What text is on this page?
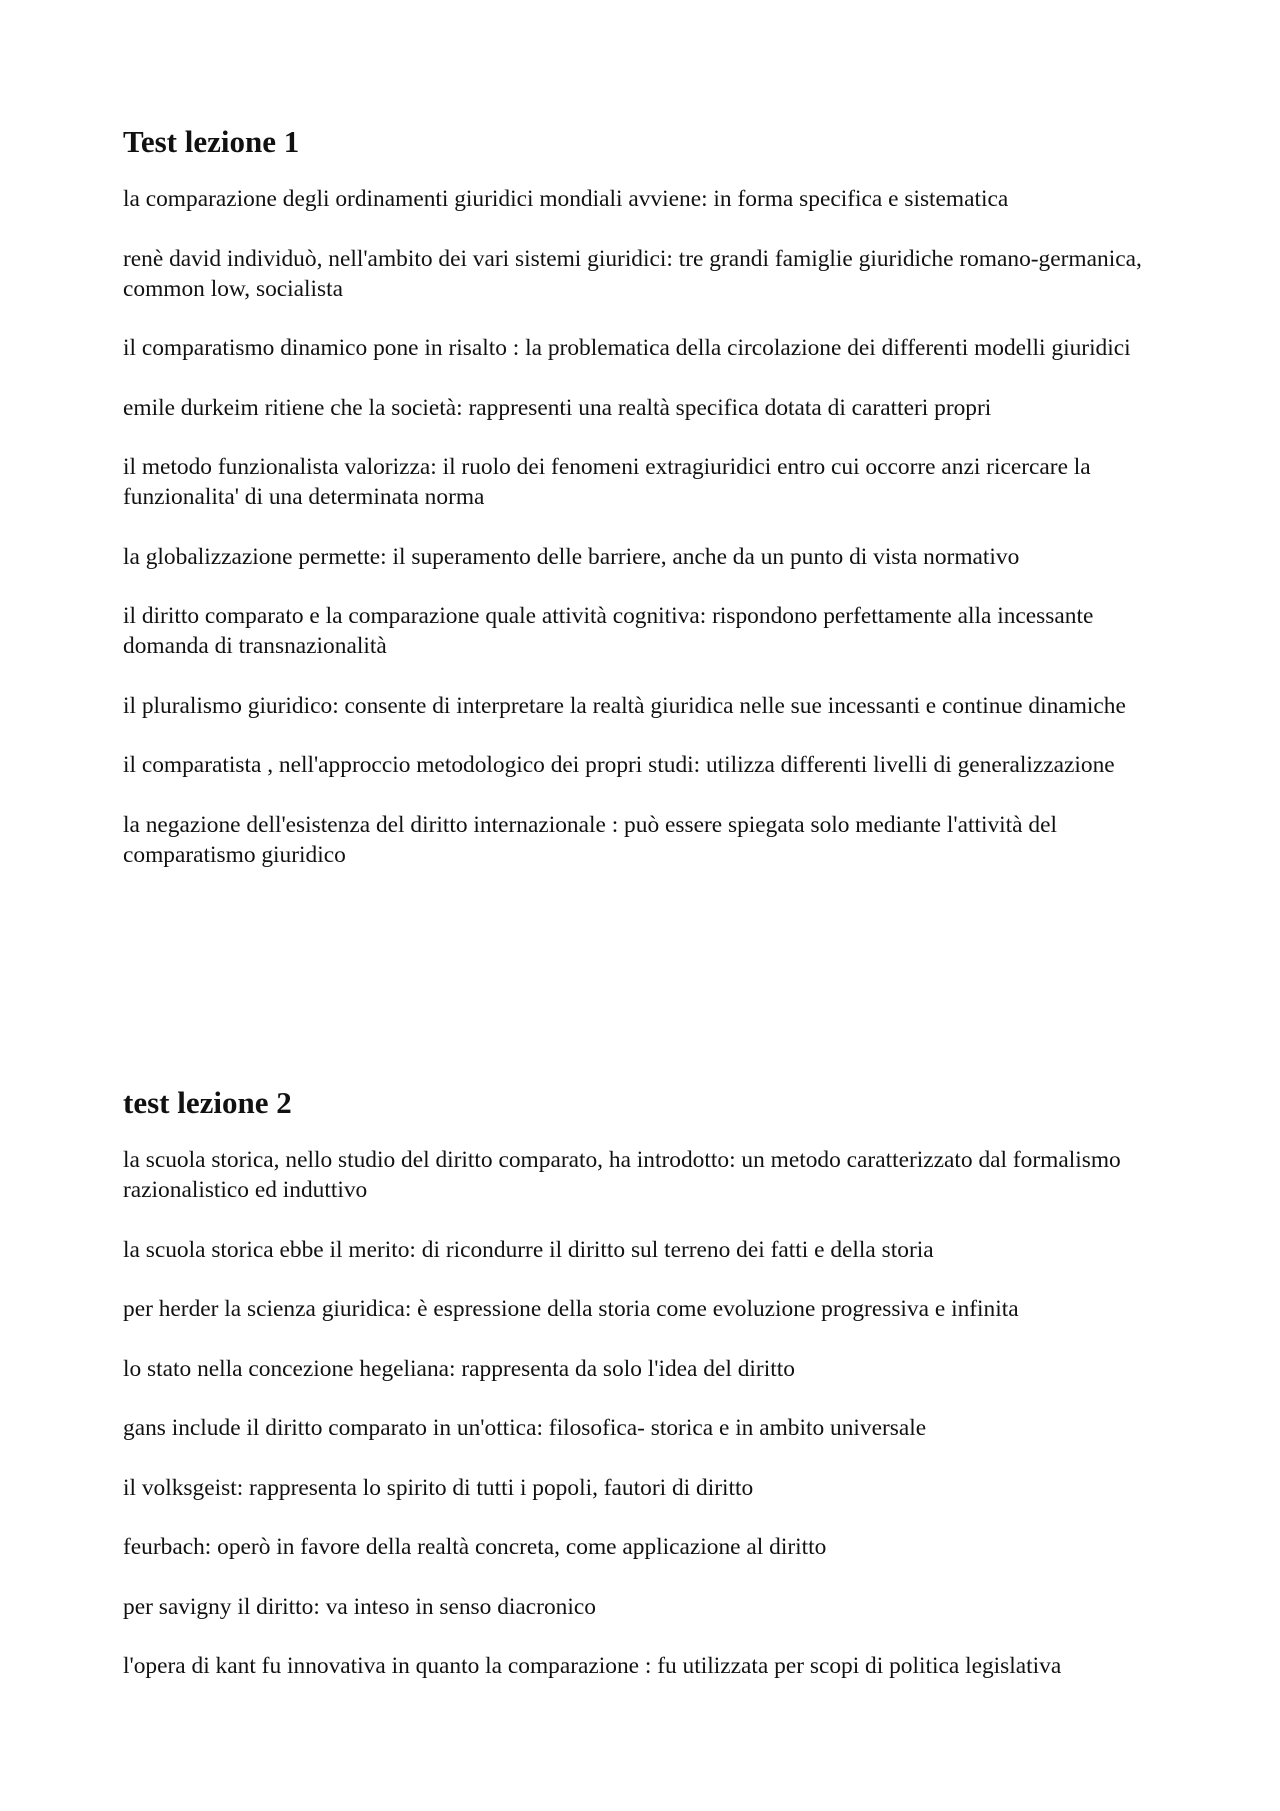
Test lezione 1

la comparazione degli ordinamenti giuridici mondiali avviene: in forma specifica e sistematica

renè david individuò, nell'ambito dei vari sistemi giuridici: tre grandi famiglie giuridiche romano-germanica, common low, socialista

il comparatismo dinamico pone in risalto : la problematica della circolazione dei differenti modelli giuridici

emile durkeim ritiene che la società: rappresenti una realtà specifica dotata di caratteri propri

il metodo funzionalista valorizza: il ruolo dei fenomeni extragiuridici entro cui occorre anzi ricercare la funzionalita' di una determinata norma

la globalizzazione permette: il superamento delle barriere, anche da un punto di vista normativo

il diritto comparato e la comparazione quale attività cognitiva: rispondono perfettamente alla incessante domanda di transnazionalità

il pluralismo giuridico: consente di interpretare la realtà giuridica nelle sue incessanti e continue dinamiche

il comparatista , nell'approccio metodologico dei propri studi: utilizza differenti livelli di generalizzazione

la negazione dell'esistenza del diritto internazionale : può essere spiegata solo mediante l'attività del comparatismo giuridico

test lezione 2

la scuola storica, nello studio del diritto comparato, ha introdotto: un metodo caratterizzato dal formalismo razionalistico ed induttivo

la scuola storica ebbe il merito: di ricondurre il diritto sul terreno dei fatti e della storia

per herder la scienza giuridica: è espressione della storia come evoluzione progressiva e infinita

lo stato nella concezione hegeliana: rappresenta da solo l'idea del diritto

gans include il diritto comparato in un'ottica: filosofica- storica e in ambito universale

il volksgeist: rappresenta lo spirito di tutti i popoli, fautori di diritto

feurbach: operò in favore della realtà concreta, come applicazione al diritto

per savigny il diritto: va inteso in senso diacronico

l'opera di kant fu innovativa in quanto la comparazione : fu utilizzata per scopi di politica legislativa
